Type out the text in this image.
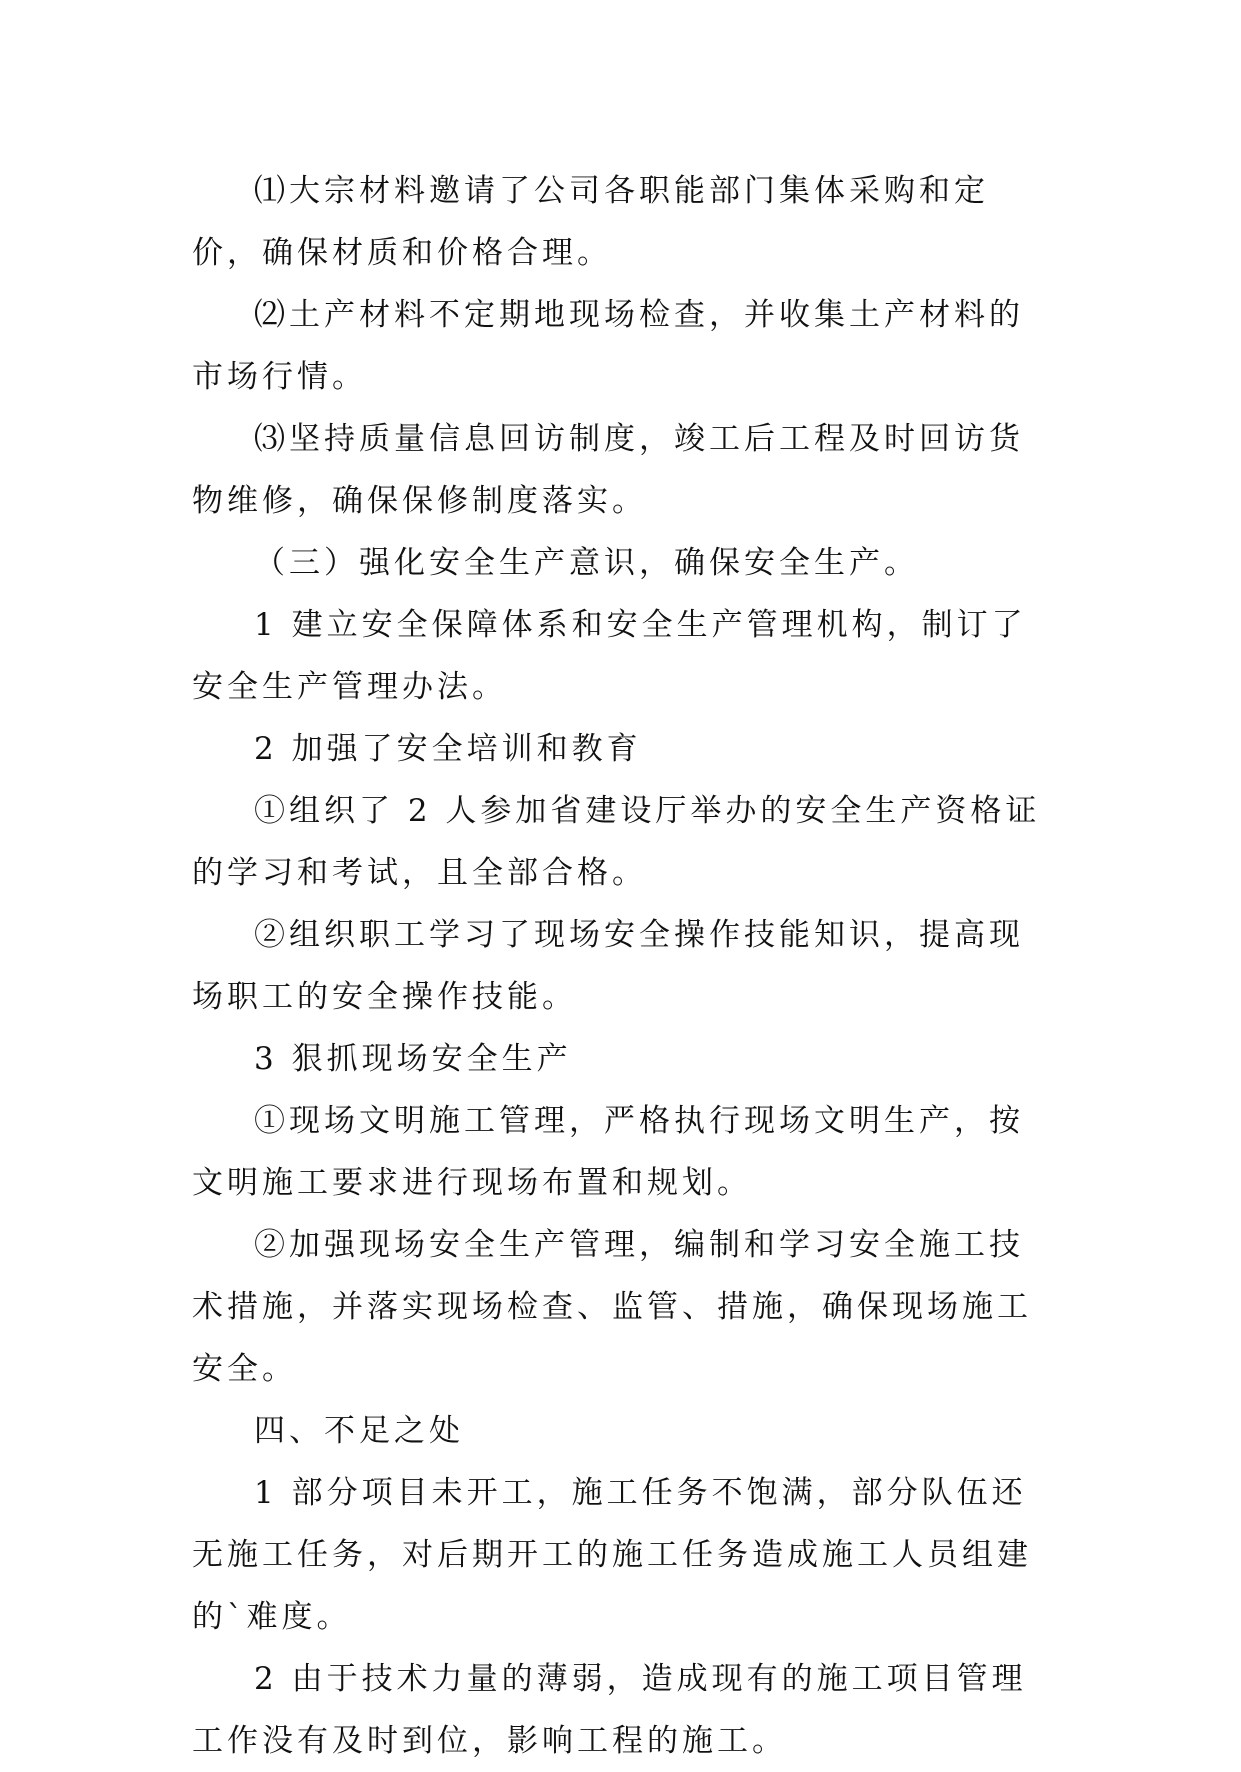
⑴大宗材料邀请了公司各职能部门集体采购和定价，确保材质和价格合理。

⑵土产材料不定期地现场检查，并收集土产材料的市场行情。

⑶坚持质量信息回访制度，竣工后工程及时回访货物维修，确保保修制度落实。

（三）强化安全生产意识，确保安全生产。

1 建立安全保障体系和安全生产管理机构，制订了安全生产管理办法。

2 加强了安全培训和教育

①组织了 2 人参加省建设厅举办的安全生产资格证的学习和考试，且全部合格。

②组织职工学习了现场安全操作技能知识，提高现场职工的安全操作技能。

3 狠抓现场安全生产

①现场文明施工管理，严格执行现场文明生产，按文明施工要求进行现场布置和规划。

②加强现场安全生产管理，编制和学习安全施工技术措施，并落实现场检查、监管、措施，确保现场施工安全。

四、不足之处

1 部分项目未开工，施工任务不饱满，部分队伍还无施工任务，对后期开工的施工任务造成施工人员组建的`难度。

2 由于技术力量的薄弱，造成现有的施工项目管理工作没有及时到位，影响工程的施工。
